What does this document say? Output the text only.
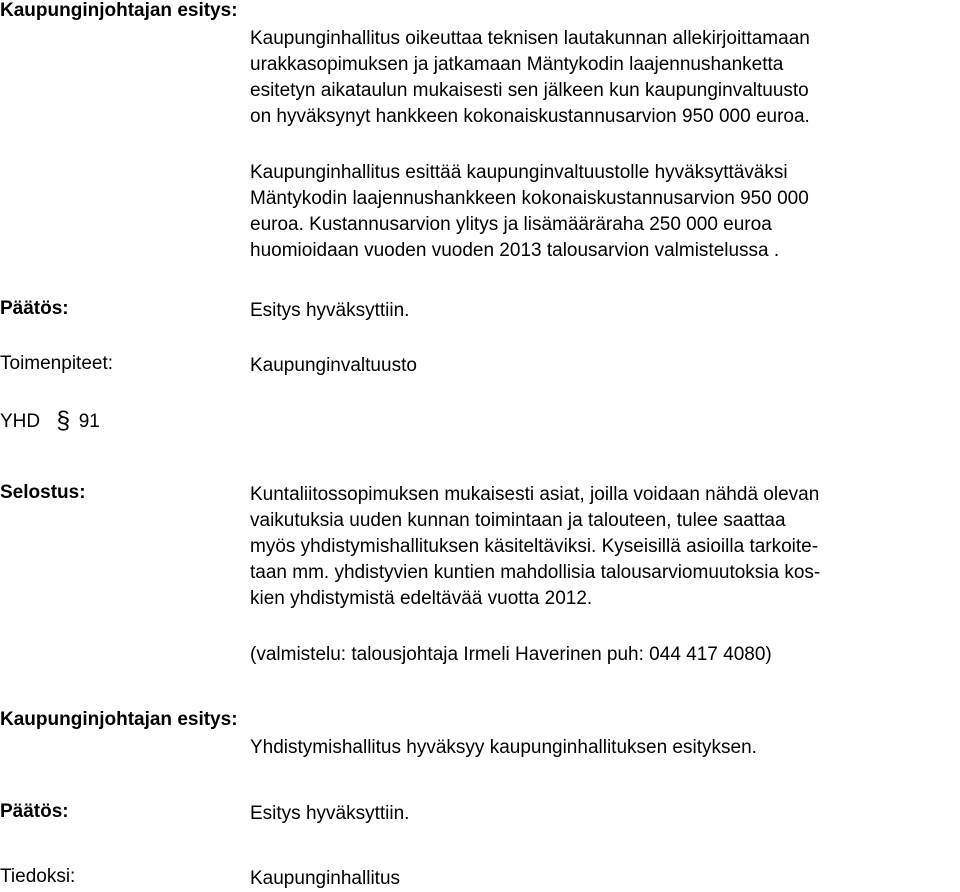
Kaupunginjohtajan esitys:
Kaupunginhallitus oikeuttaa teknisen lautakunnan allekirjoittamaan
urakkasopimuksen ja jatkamaan Mäntykodin laajennushanketta
esitetyn aikataulun mukaisesti sen jälkeen kun kaupunginvaltuusto
on hyväksynyt hankkeen kokonaiskustannusarvion 950 000 euroa.
Kaupunginhallitus esittää kaupunginvaltuustolle hyväksyttäväksi
Mäntykodin laajennushankkeen kokonaiskustannusarvion 950 000
euroa. Kustannusarvion ylitys ja lisämääräraha 250 000 euroa
huomioidaan vuoden vuoden 2013 talousarvion valmistelussa .
Päätös:	Esitys hyväksyttiin.
Toimenpiteet:	Kaupunginvaltuusto
YHD § 91
Selostus:	Kuntaliitossopimuksen mukaisesti asiat, joilla voidaan nähdä olevan
vaikutuksia uuden kunnan toimintaan ja talouteen, tulee saattaa
myös yhdistymishallituksen käsiteltäviksi. Kyseisillä asioilla tarkoite-
taan mm. yhdistyvien kuntien mahdollisia talousarviomuutoksia kos-
kien yhdistymistä edeltävää vuotta 2012.
(valmistelu: talousjohtaja Irmeli Haverinen puh: 044 417 4080)
Kaupunginjohtajan esitys:
Yhdistymishallitus hyväksyy kaupunginhallituksen esityksen.
Päätös:	Esitys hyväksyttiin.
Tiedoksi:	Kaupunginhallitus
